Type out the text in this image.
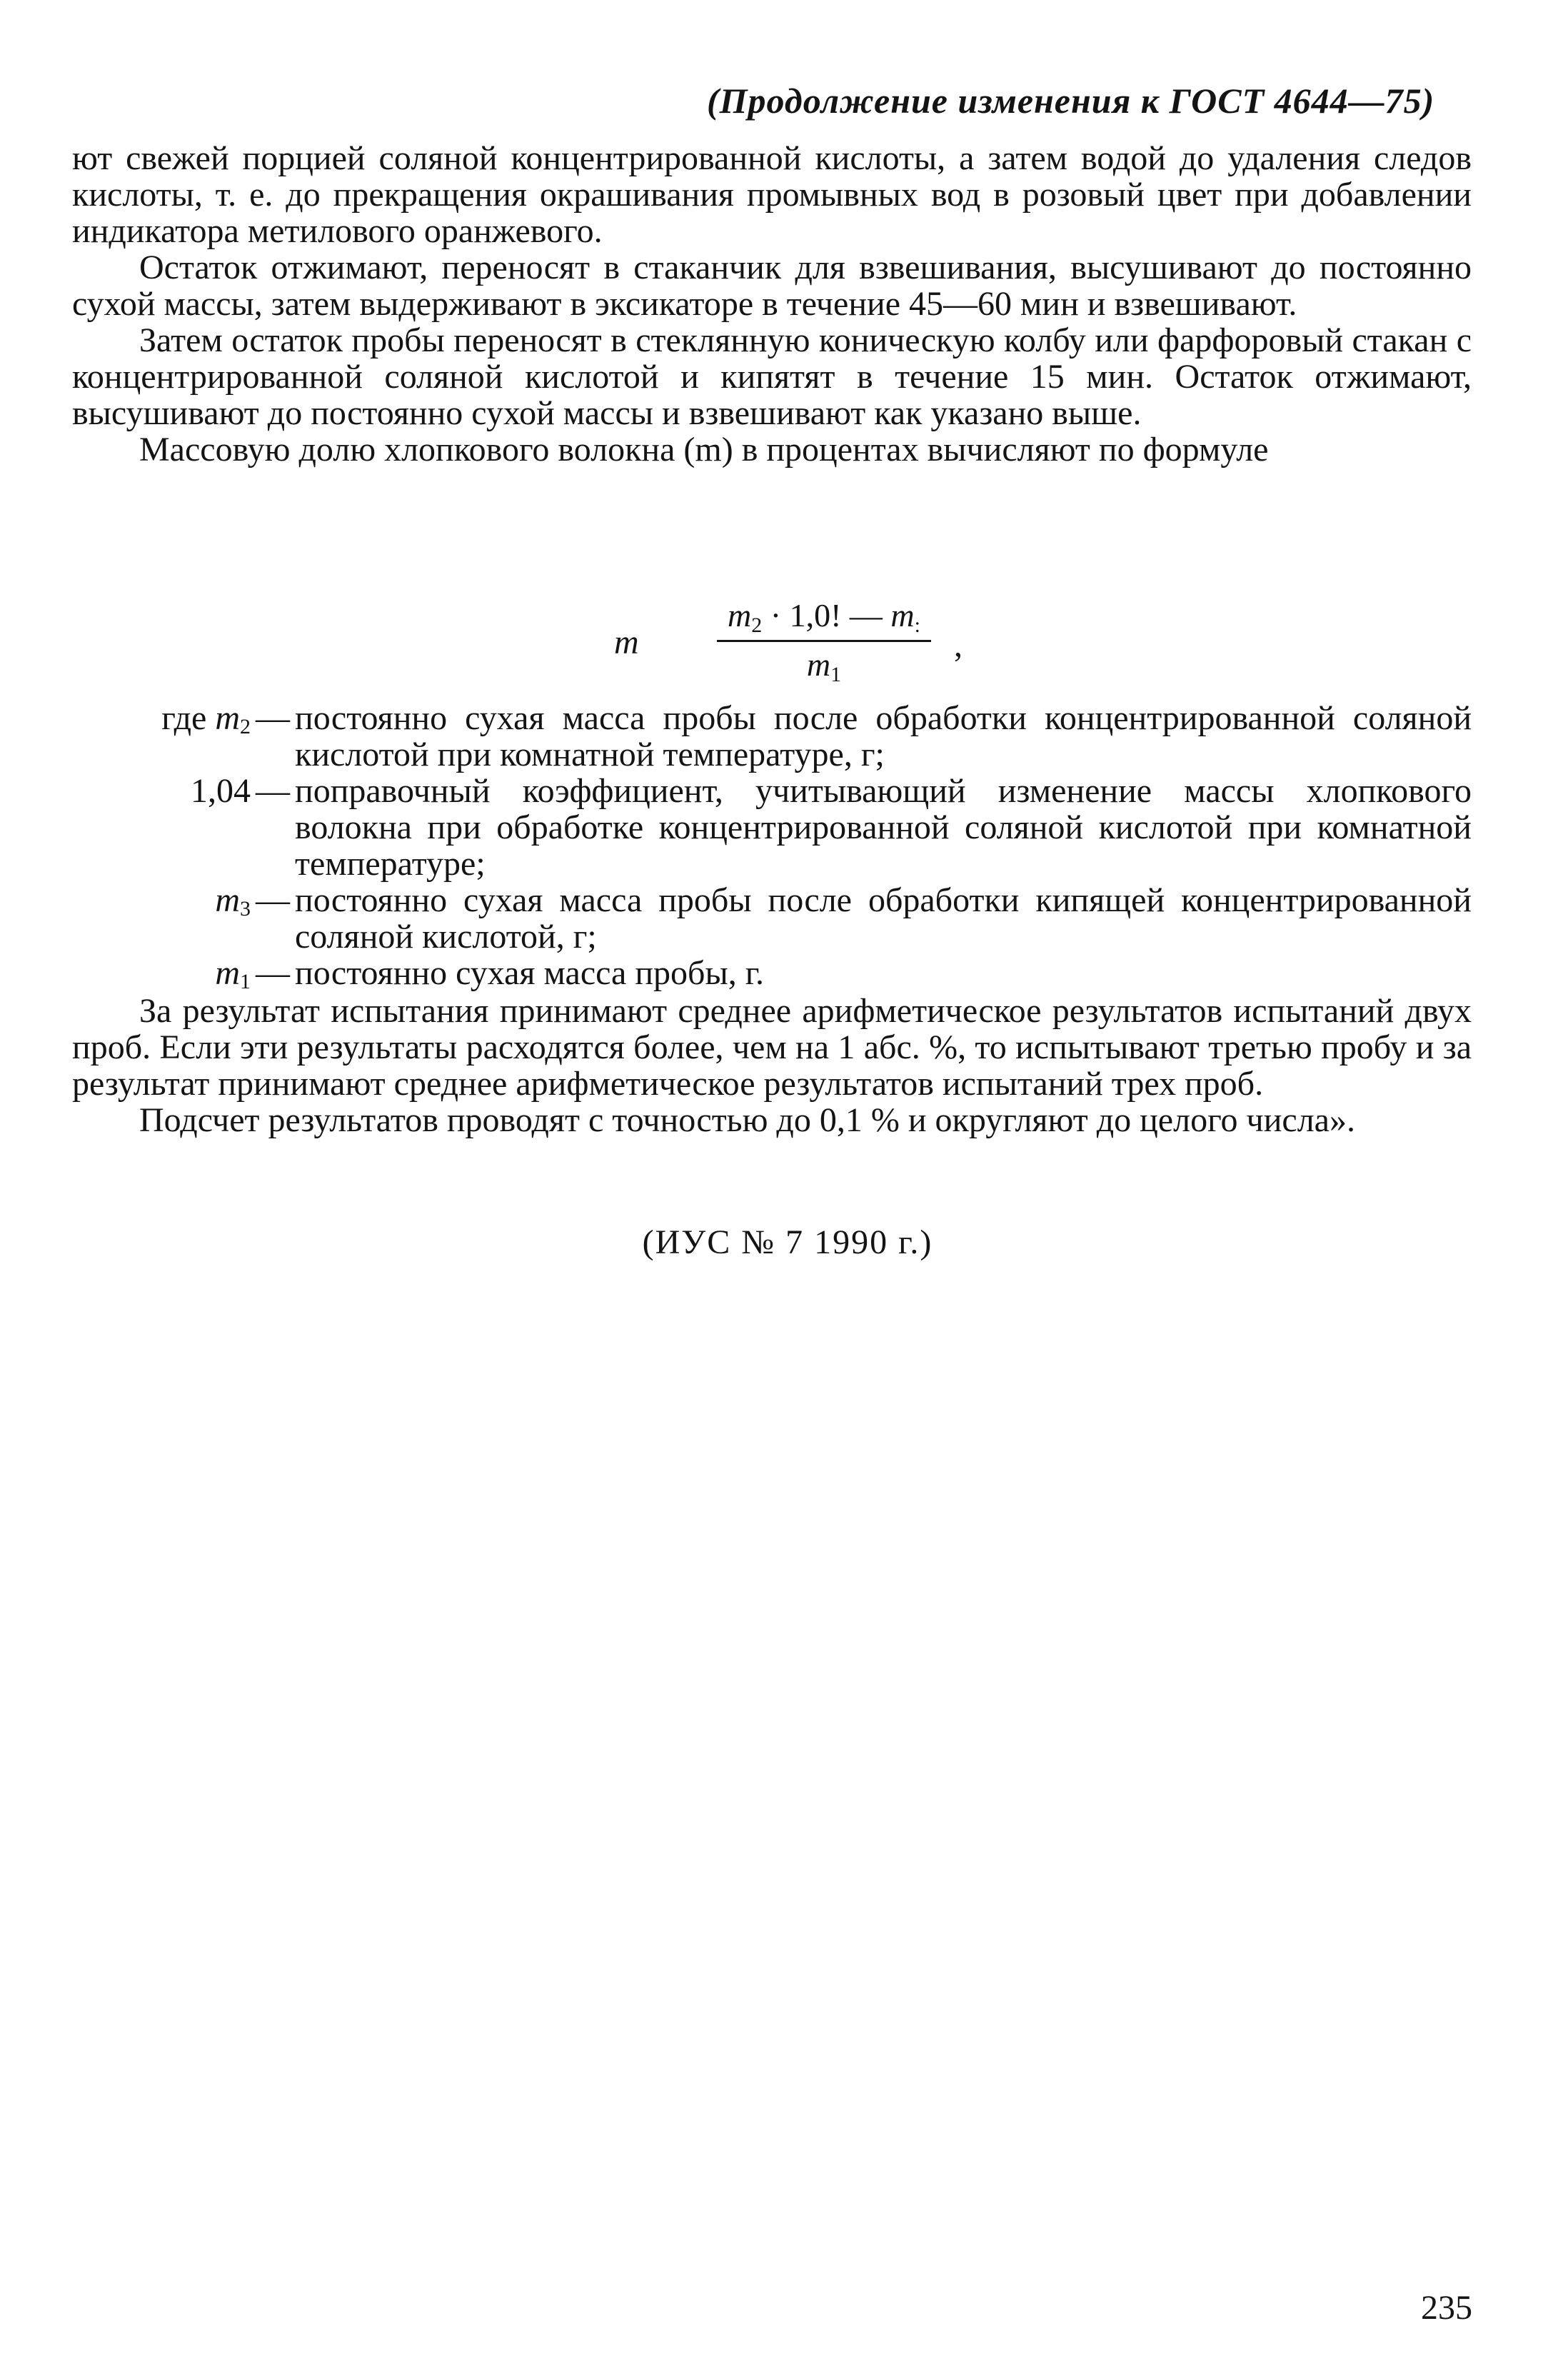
(Продолжение изменения к ГОСТ 4644—75)

ют свежей порцией соляной концентрированной кислоты, а затем водой до удаления следов кислоты, т. е. до прекращения окрашивания промывных вод в розовый цвет при добавлении индикатора метилового оранжевого.

Остаток отжимают, переносят в стаканчик для взвешивания, высушивают до постоянно сухой массы, затем выдерживают в эксикаторе в течение 45—60 мин и взвешивают.

Затем остаток пробы переносят в стеклянную коническую колбу или фарфоровый стакан с концентрированной соляной кислотой и кипятят в течение 15 мин. Остаток отжимают, высушивают до постоянно сухой массы и взвешивают как указано выше.

Массовую долю хлопкового волокна (m) в процентах вычисляют по формуле

m
$m_2 \cdot 1,0$! — $m_:$
$m_1$
,
где $m_2$ — постоянно сухая масса пробы после обработки концентрированной соляной кислотой при комнатной температуре, г;
1,04 — поправочный коэффициент, учитывающий изменение массы хлопкового волокна при обработке концентрированной соляной кислотой при комнатной температуре;
$m_3$ — постоянно сухая масса пробы после обработки кипящей концентрированной соляной кислотой, г;
$m_1$ — постоянно сухая масса пробы, г.

За результат испытания принимают среднее арифметическое результатов испытаний двух проб. Если эти результаты расходятся более, чем на 1 абс. %, то испытывают третью пробу и за результат принимают среднее арифметическое результатов испытаний трех проб.

Подсчет результатов проводят с точностью до 0,1 % и округляют до целого числа».

(ИУС № 7 1990 г.)
235
